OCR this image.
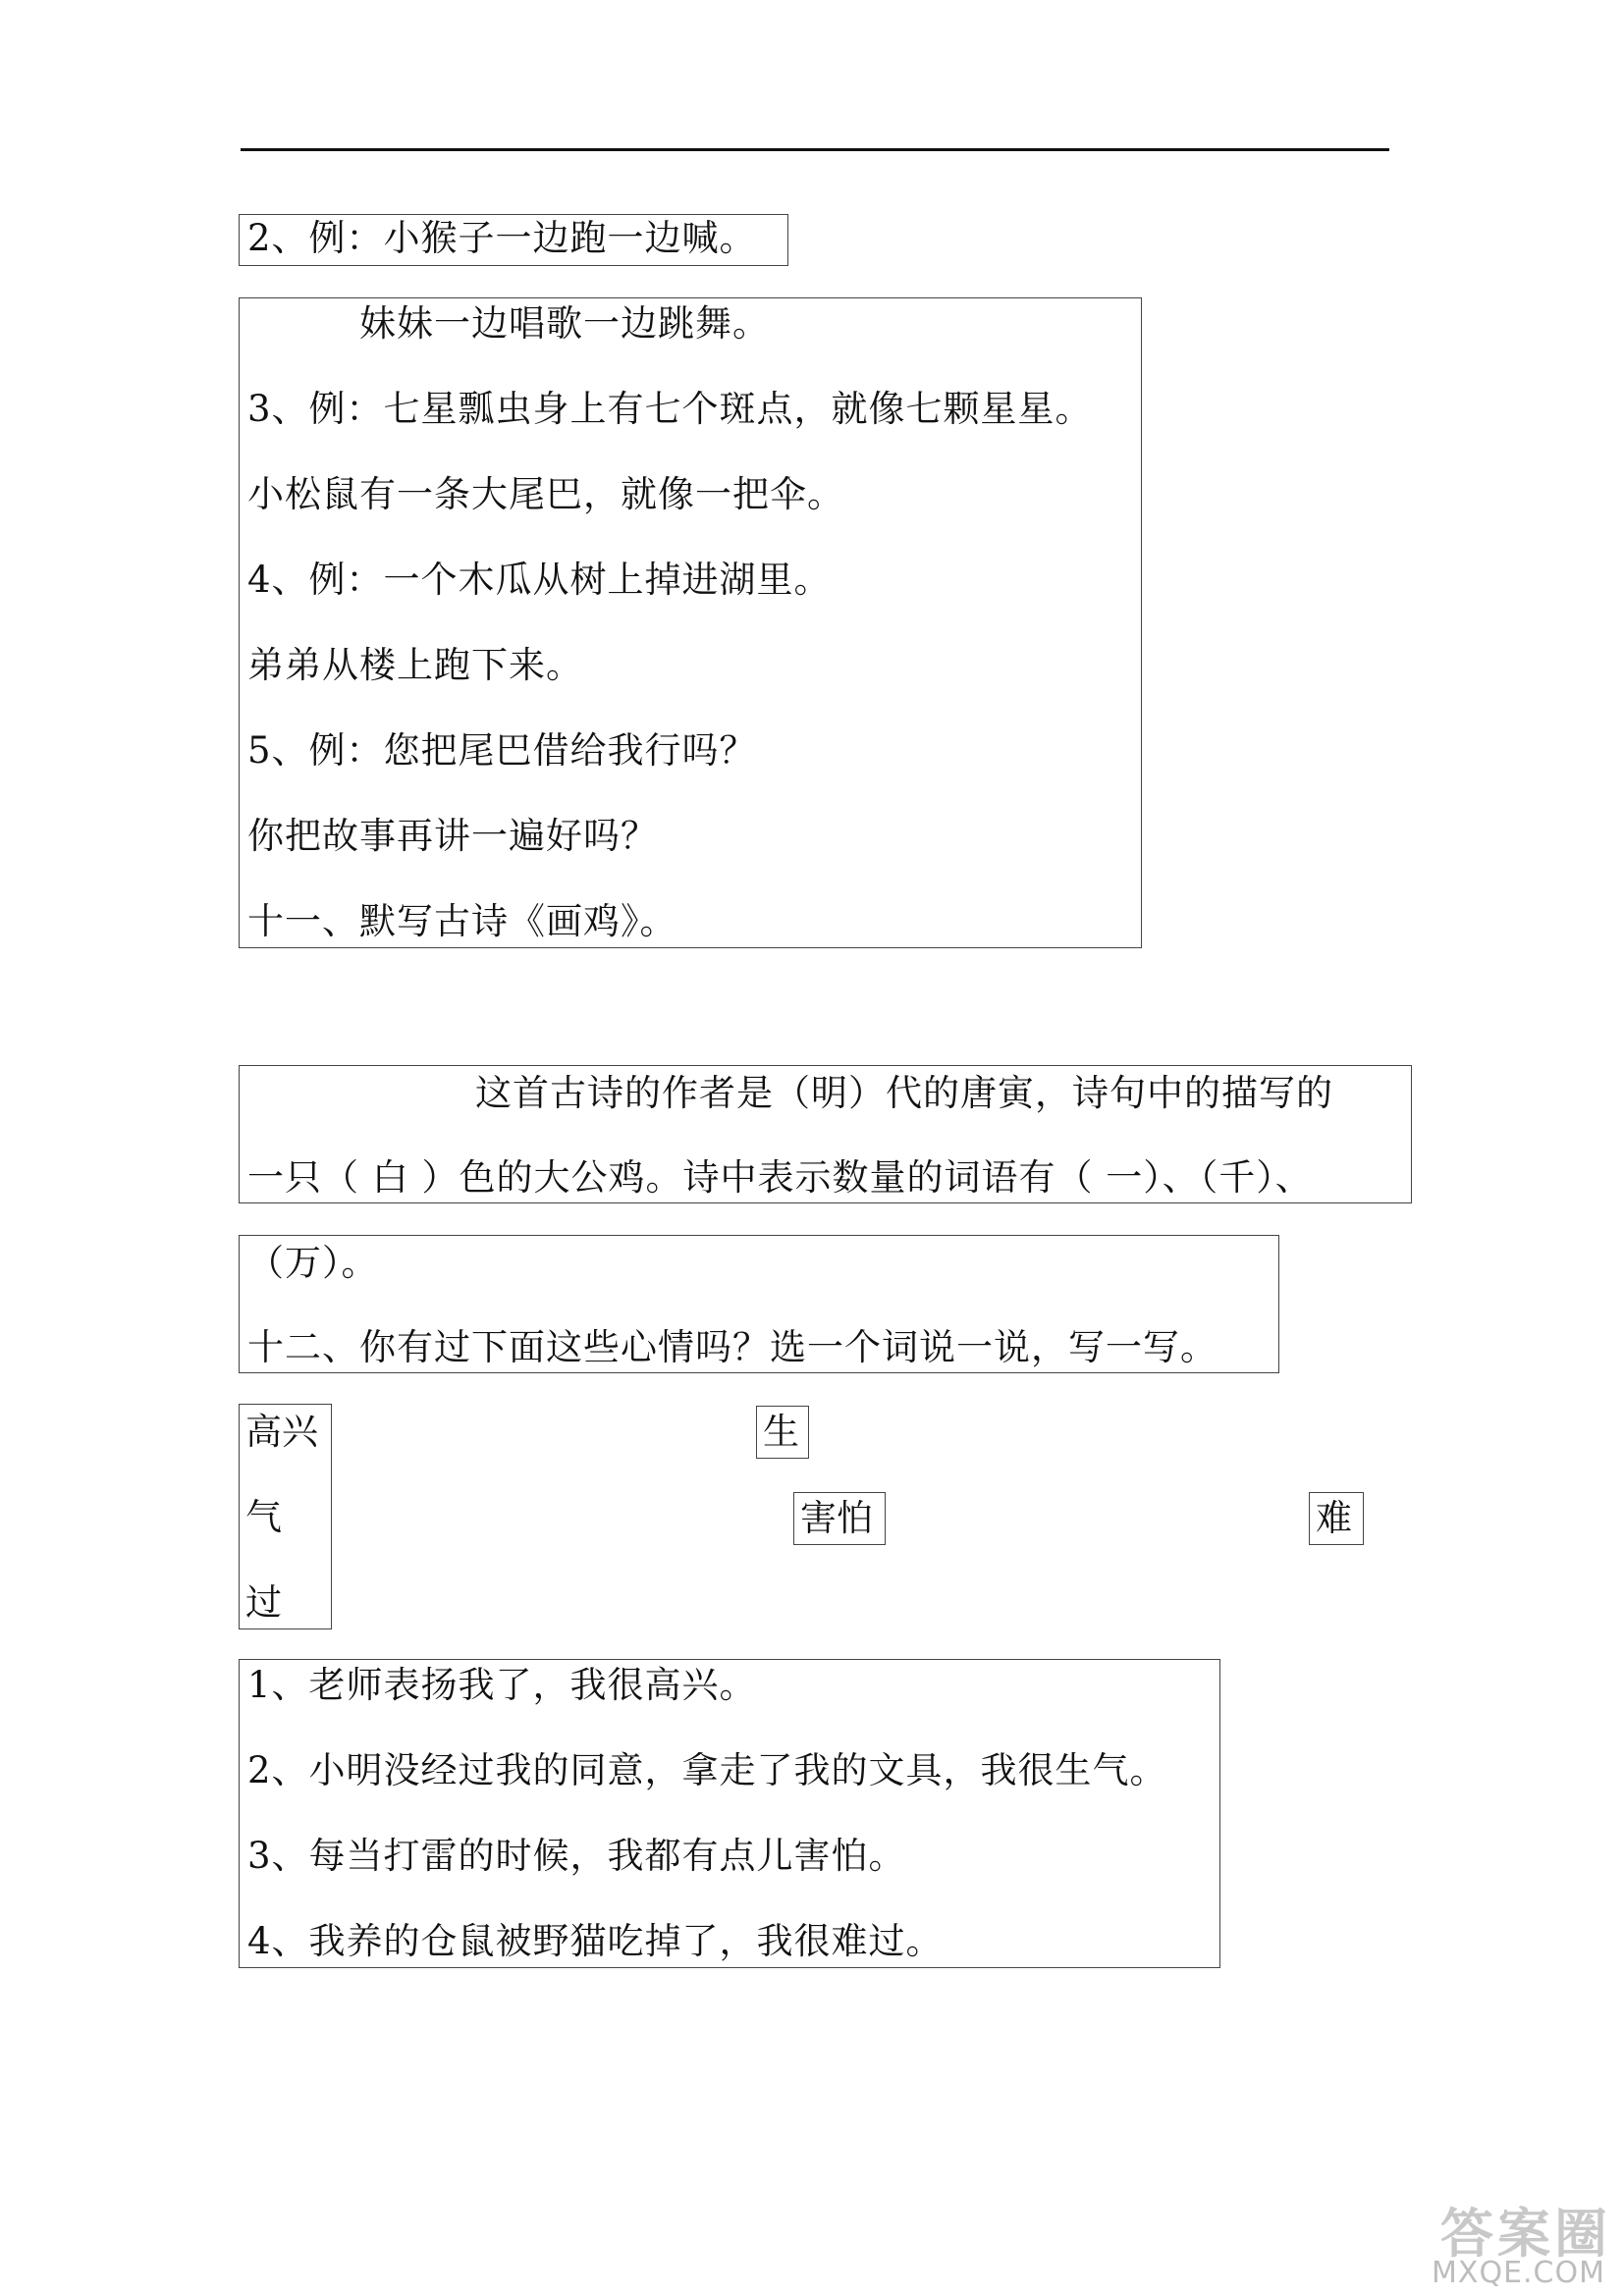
2、例：小猴子一边跑一边喊。
妹妹一边唱歌一边跳舞。
3、例：七星瓢虫身上有七个斑点，就像七颗星星。
小松鼠有一条大尾巴，就像一把伞。
4、例：一个木瓜从树上掉进湖里。
弟弟从楼上跑下来。
5、例：您把尾巴借给我行吗？
你把故事再讲一遍好吗？
十一、默写古诗《画鸡》。
这首古诗的作者是（明）代的唐寅，诗句中的描写的
一只（ 白 ）色的大公鸡。诗中表示数量的词语有（ 一）、（千）、
（万）。
十二、你有过下面这些心情吗？选一个词说一说，写一写。
高兴
气
过
生
害怕	难
1、老师表扬我了，我很高兴。
2、小明没经过我的同意，拿走了我的文具，我很生气。
3、每当打雷的时候，我都有点儿害怕。
4、我养的仓鼠被野猫吃掉了，我很难过。
答案圈
MXQE.COM
